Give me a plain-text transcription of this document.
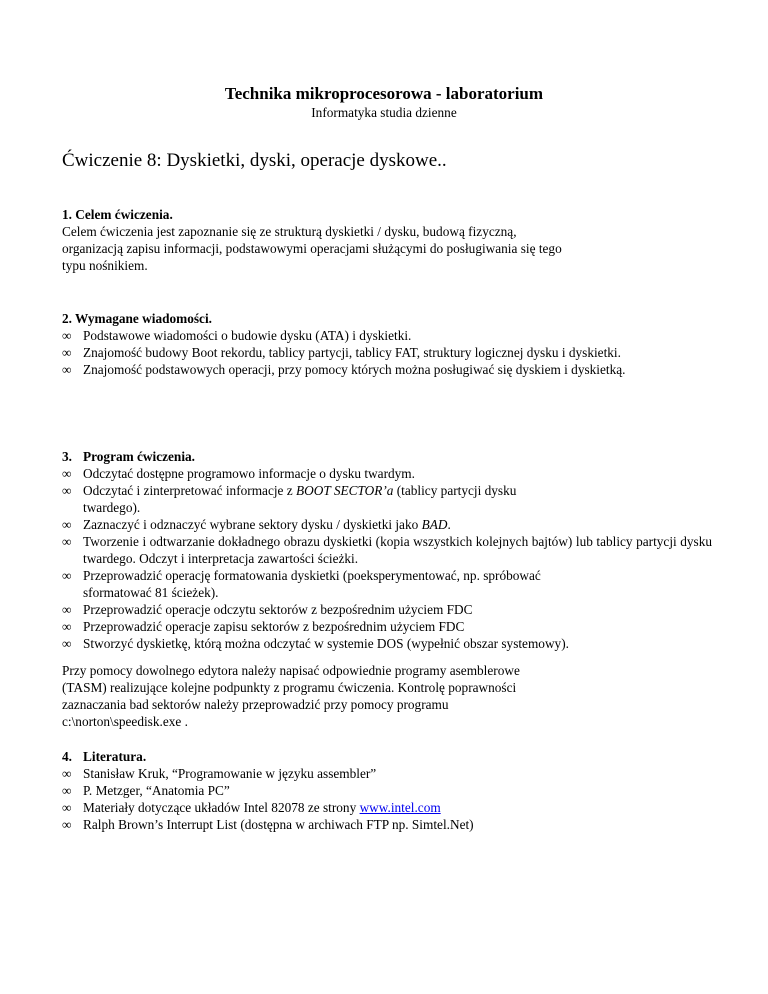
Technika mikroprocesorowa - laboratorium
Informatyka studia dzienne
Ćwiczenie 8: Dyskietki, dyski, operacje dyskowe..
1. Celem ćwiczenia.
Celem ćwiczenia jest zapoznanie się ze strukturą dyskietki / dysku, budową fizyczną,
organizacją zapisu informacji, podstawowymi operacjami służącymi do posługiwania się tego
typu nośnikiem.
2. Wymagane wiadomości.
∞ Podstawowe wiadomości o budowie dysku (ATA) i dyskietki.
∞ Znajomość budowy Boot rekordu, tablicy partycji, tablicy FAT, struktury logicznej dysku i dyskietki.
∞ Znajomość podstawowych operacji, przy pomocy których można posługiwać się dyskiem i dyskietką.
3. Program ćwiczenia.
∞ Odczytać dostępne programowo informacje o dysku twardym.
∞ Odczytać i zinterpretować informacje z BOOT SECTOR’a (tablicy partycji dysku
twardego).
∞ Zaznaczyć i odznaczyć wybrane sektory dysku / dyskietki jako BAD.
∞ Tworzenie i odtwarzanie dokładnego obrazu dyskietki (kopia wszystkich kolejnych bajtów) lub tablicy partycji dysku twardego. Odczyt i interpretacja zawartości ścieżki.
∞ Przeprowadzić operację formatowania dyskietki (poeksperymentować, np. spróbować
sformatować 81 ścieżek).
∞ Przeprowadzić operacje odczytu sektorów z bezpośrednim użyciem FDC
∞ Przeprowadzić operacje zapisu sektorów z bezpośrednim użyciem FDC
∞ Stworzyć dyskietkę, którą można odczytać w systemie DOS (wypełnić obszar systemowy).
Przy pomocy dowolnego edytora należy napisać odpowiednie programy asemblerowe
(TASM) realizujące kolejne podpunkty z programu ćwiczenia. Kontrolę poprawności
zaznaczania bad sektorów należy przeprowadzić przy pomocy programu
c:\norton\speedisk.exe .
4. Literatura.
∞ Stanisław Kruk, “Programowanie w języku assembler”
∞ P. Metzger, “Anatomia PC”
∞ Materiały dotyczące układów Intel 82078 ze strony www.intel.com
∞ Ralph Brown’s Interrupt List (dostępna w archiwach FTP np. Simtel.Net)
